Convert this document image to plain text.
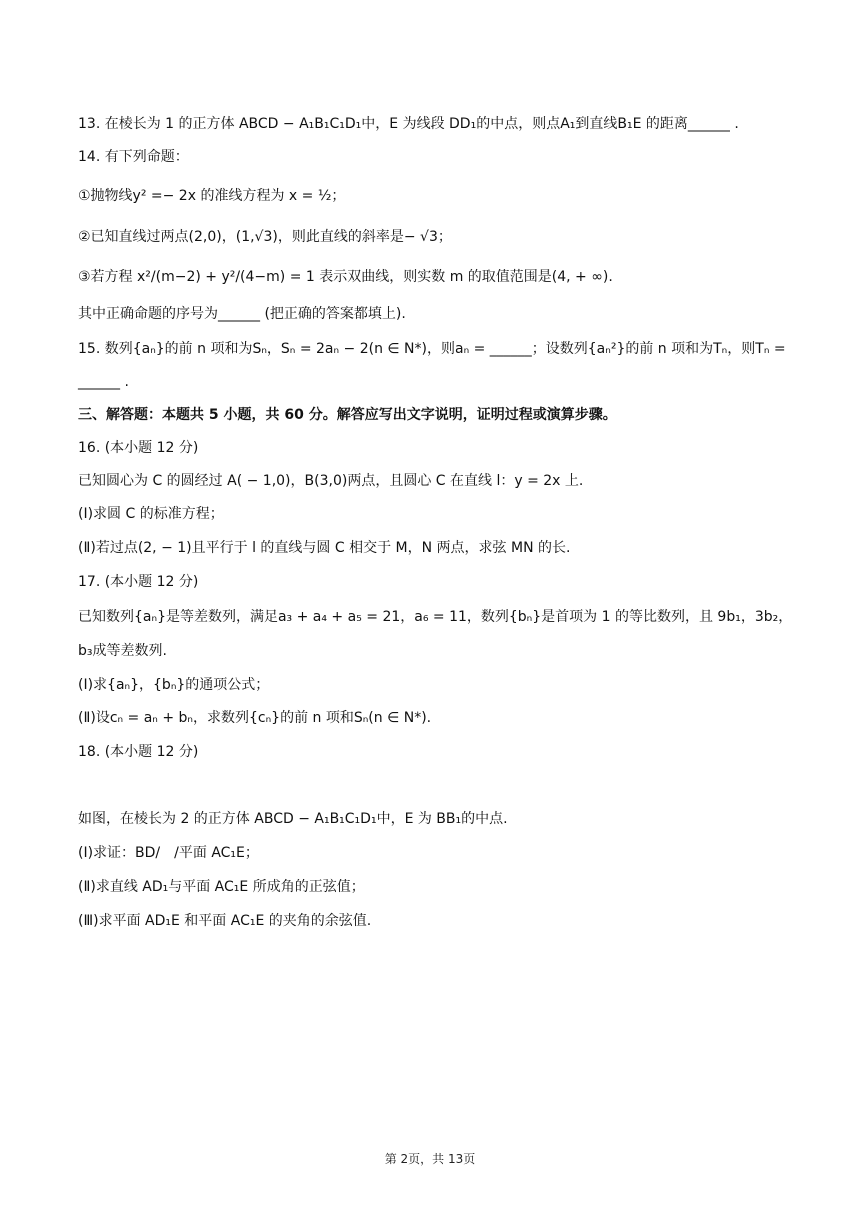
13. 在棱长为 1 的正方体 ABCD − A₁B₁C₁D₁中，E 为线段 DD₁的中点，则点A₁到直线B₁E 的距离______ .
14. 有下列命题：
①抛物线y² =− 2x 的准线方程为 x = ½；
②已知直线过两点(2,0)，(1,√3)，则此直线的斜率是− √3；
③若方程 x²/(m−2) + y²/(4−m) = 1 表示双曲线，则实数 m 的取值范围是(4, + ∞).
其中正确命题的序号为______ (把正确的答案都填上).
15. 数列{aₙ}的前 n 项和为Sₙ，Sₙ = 2aₙ − 2(n ∈ N*)，则aₙ = ______；设数列{aₙ²}的前 n 项和为Tₙ，则Tₙ =
______ .
三、解答题：本题共 5 小题，共 60 分。解答应写出文字说明，证明过程或演算步骤。
16. (本小题 12 分)
已知圆心为 C 的圆经过 A( − 1,0)，B(3,0)两点，且圆心 C 在直线 l：y = 2x 上.
(Ⅰ)求圆 C 的标准方程；
(Ⅱ)若过点(2, − 1)且平行于 l 的直线与圆 C 相交于 M，N 两点，求弦 MN 的长.
17. (本小题 12 分)
已知数列{aₙ}是等差数列，满足a₃ + a₄ + a₅ = 21，a₆ = 11，数列{bₙ}是首项为 1 的等比数列，且 9b₁，3b₂，
b₃成等差数列.
(Ⅰ)求{aₙ}，{bₙ}的通项公式；
(Ⅱ)设cₙ = aₙ + bₙ，求数列{cₙ}的前 n 项和Sₙ(n ∈ N*).
18. (本小题 12 分)
如图，在棱长为 2 的正方体 ABCD − A₁B₁C₁D₁中，E 为 BB₁的中点.
(Ⅰ)求证：BD/　/平面 AC₁E；
(Ⅱ)求直线 AD₁与平面 AC₁E 所成角的正弦值；
(Ⅲ)求平面 AD₁E 和平面 AC₁E 的夹角的余弦值.
第 2页，共 13页
